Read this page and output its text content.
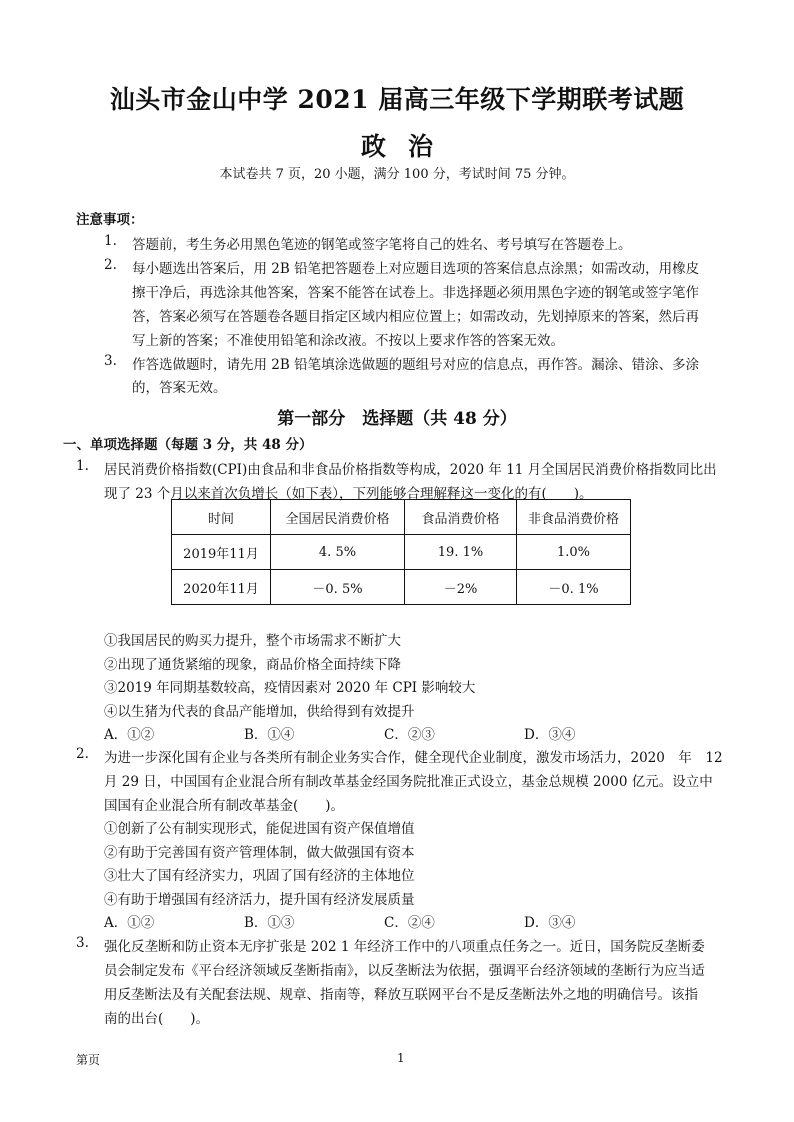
汕头市金山中学 2021 届高三年级下学期联考试题
政治
本试卷共 7 页，20 小题，满分 100 分，考试时间 75 分钟。
注意事项：
1. 答题前，考生务必用黑色笔迹的钢笔或签字笔将自己的姓名、考号填写在答题卷上。
2. 每小题选出答案后，用 2B 铅笔把答题卷上对应题目选项的答案信息点涂黑；如需改动，用橡皮
擦干净后，再选涂其他答案，答案不能答在试卷上。非选择题必须用黑色字迹的钢笔或签字笔作
答，答案必须写在答题卷各题目指定区域内相应位置上；如需改动，先划掉原来的答案，然后再
写上新的答案；不准使用铅笔和涂改液。不按以上要求作答的答案无效。
3. 作答选做题时，请先用 2B 铅笔填涂选做题的题组号对应的信息点，再作答。漏涂、错涂、多涂
的，答案无效。
第一部分　选择题（共 48 分）
一、单项选择题（每题 3 分，共 48 分）
1. 居民消费价格指数(CPI)由食品和非食品价格指数等构成，2020 年 11 月全国居民消费价格指数同比出
现了 23 个月以来首次负增长（如下表），下列能够合理解释这一变化的有(　　)。
时间	全国居民消费价格	食品消费价格	非食品消费价格
2019年11月	4. 5%	19. 1%	1.0%
2020年11月	－0. 5%	－2%	－0. 1%
①我国居民的购买力提升，整个市场需求不断扩大
②出现了通货紧缩的现象，商品价格全面持续下降
③2019 年同期基数较高，疫情因素对 2020 年 CPI 影响较大
④以生猪为代表的食品产能增加，供给得到有效提升
A．①②	B．①④	C．②③	D．③④
2. 为进一步深化国有企业与各类所有制企业务实合作，健全现代企业制度，激发市场活力，2020　年　12
月 29 日，中国国有企业混合所有制改革基金经国务院批准正式设立，基金总规模 2000 亿元。设立中
国国有企业混合所有制改革基金(　　)。
①创新了公有制实现形式，能促进国有资产保值增值
②有助于完善国有资产管理体制，做大做强国有资本
③壮大了国有经济实力，巩固了国有经济的主体地位
④有助于增强国有经济活力，提升国有经济发展质量
A．①②	B．①③	C．②④	D．③④
3. 强化反垄断和防止资本无序扩张是 202 1 年经济工作中的八项重点任务之一。近日，国务院反垄断委
员会制定发布《平台经济领域反垄断指南》，以反垄断法为依据，强调平台经济领域的垄断行为应当适
用反垄断法及有关配套法规、规章、指南等，释放互联网平台不是反垄断法外之地的明确信号。该指
南的出台(　　)。
第页	1
